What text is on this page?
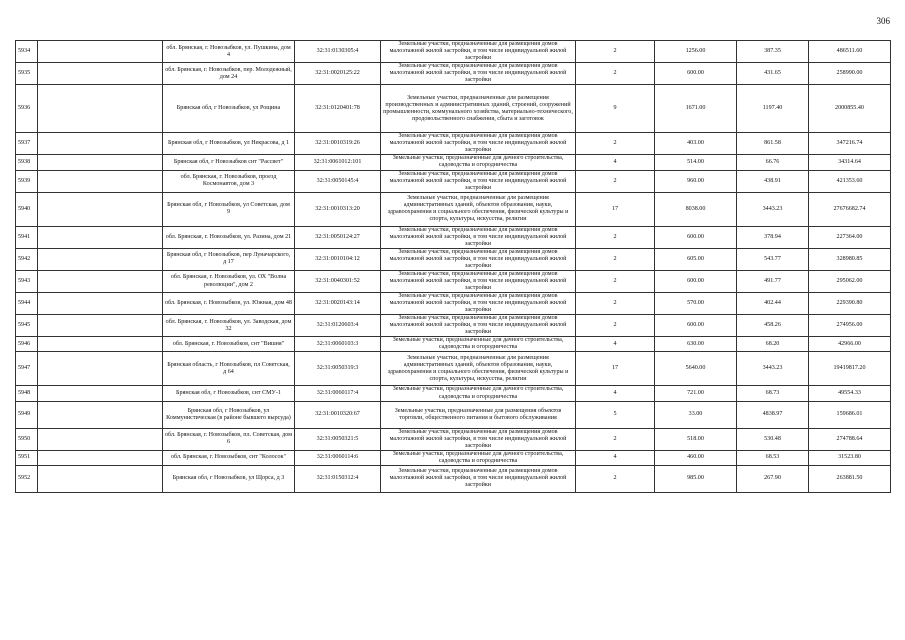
306
5934		обл. Брянская, г. Новозыбков, ул. Пушкина, дом 4	32:31:0130305:4	Земельные участки, предназначенные для размещения домов малоэтажной жилой застройки, в том числе индивидуальной жилой застройки	2	1256.00	387.35	486511.60
5935		обл. Брянская, г. Новозыбков, пер. Молодежный, дом 24	32:31:0020125:22	Земельные участки, предназначенные для размещения домов малоэтажной жилой застройки, в том числе индивидуальной жилой застройки	2	600.00	431.65	258990.00
5936		Брянская обл, г Новозыбков, ул Рощина	32:31:0120401:78	Земельные участки, предназначенные для размещения производственных и административных зданий, строений, сооружений промышленности, коммунального хозяйства, материально-технического, продовольственного снабжения, сбыта и заготовок	9	1671.00	1197.40	2000855.40
5937		Брянская обл, г Новозыбков, ул Некрасова, д 1	32:31:0010319:26	Земельные участки, предназначенные для размещения домов малоэтажной жилой застройки, в том числе индивидуальной жилой застройки	2	403.00	861.58	347216.74
5938		Брянская обл, г Новозыбков снт "Рассвет"	32:31:0061012:101	Земельные участки, предназначенные для дачного строительства, садоводства и огородничества	4	514.00	66.76	34314.64
5939		обл. Брянская, г. Новозыбков, проезд Космонавтов, дом 3	32:31:0050145:4	Земельные участки, предназначенные для размещения домов малоэтажной жилой застройки, в том числе индивидуальной жилой застройки	2	960.00	438.91	421353.60
5940		Брянская обл, г Новозыбков, ул Советская, дом 9	32:31:0010313:20	Земельные участки, предназначенные для размещения административных зданий, объектов образования, науки, здравоохранения и социального обеспечения, физической культуры и спорта, культуры, искусства, религии	17	8038.00	3443.23	27676682.74
5941		обл. Брянская, г. Новозыбков, ул. Разина, дом 21	32:31:0050124:27	Земельные участки, предназначенные для размещения домов малоэтажной жилой застройки, в том числе индивидуальной жилой застройки	2	600.00	378.94	227364.00
5942		Брянская обл, г Новозыбков, пер Луначарского, д 17	32:31:0010104:12	Земельные участки, предназначенные для размещения домов малоэтажной жилой застройки, в том числе индивидуальной жилой застройки	2	605.00	543.77	328980.85
5943		обл. Брянская, г. Новозыбков, ул. ОХ "Волна революции", дом 2	32:31:0040301:52	Земельные участки, предназначенные для размещения домов малоэтажной жилой застройки, в том числе индивидуальной жилой застройки	2	600.00	491.77	295062.00
5944		обл. Брянская, г. Новозыбков, ул. Южная, дом 48	32:31:0020143:14	Земельные участки, предназначенные для размещения домов малоэтажной жилой застройки, в том числе индивидуальной жилой застройки	2	570.00	402.44	229390.80
5945		обл. Брянская, г. Новозыбков, ул. Заводская, дом 32	32:31:0120603:4	Земельные участки, предназначенные для размещения домов малоэтажной жилой застройки, в том числе индивидуальной жилой застройки	2	600.00	458.26	274956.00
5946		обл. Брянская, г. Новозыбков, снт "Вишня"	32:31:0060103:3	Земельные участки, предназначенные для дачного строительства, садоводства и огородничества	4	630.00	68.20	42966.00
5947		Брянская область, г Новозыбков, пл Советская, д 64	32:31:0050319:3	Земельные участки, предназначенные для размещения административных зданий, объектов образования, науки, здравоохранения и социального обеспечения, физической культуры и спорта, культуры, искусства, религии	17	5640.00	3443.23	19419817.20
5948		Брянская обл, г Новозыбков, снт СМУ-1	32:31:0060117:4	Земельные участки, предназначенные для дачного строительства, садоводства и огородничества	4	721.00	68.73	49554.33
5949		Брянская обл, г Новозыбков, ул Коммунистическая (в районе бывшего вырсуда)	32:31:0010320:67	Земельные участки, предназначенные для размещения объектов торговли, общественного питания и бытового обслуживания	5	33.00	4838.97	159686.01
5950		обл. Брянская, г. Новозыбков, пл. Советская, дом 6	32:31:0050321:5	Земельные участки, предназначенные для размещения домов малоэтажной жилой застройки, в том числе индивидуальной жилой застройки	2	518.00	530.48	274788.64
5951		обл. Брянская, г. Новозыбков, снт "Колосок"	32:31:0060114:6	Земельные участки, предназначенные для дачного строительства, садоводства и огородничества	4	460.00	68.53	31523.80
5952		Брянская обл, г Новозыбков, ул Щорса, д 3	32:31:0150312:4	Земельные участки, предназначенные для размещения домов малоэтажной жилой застройки, в том числе индивидуальной жилой застройки	2	985.00	267.90	263881.50
